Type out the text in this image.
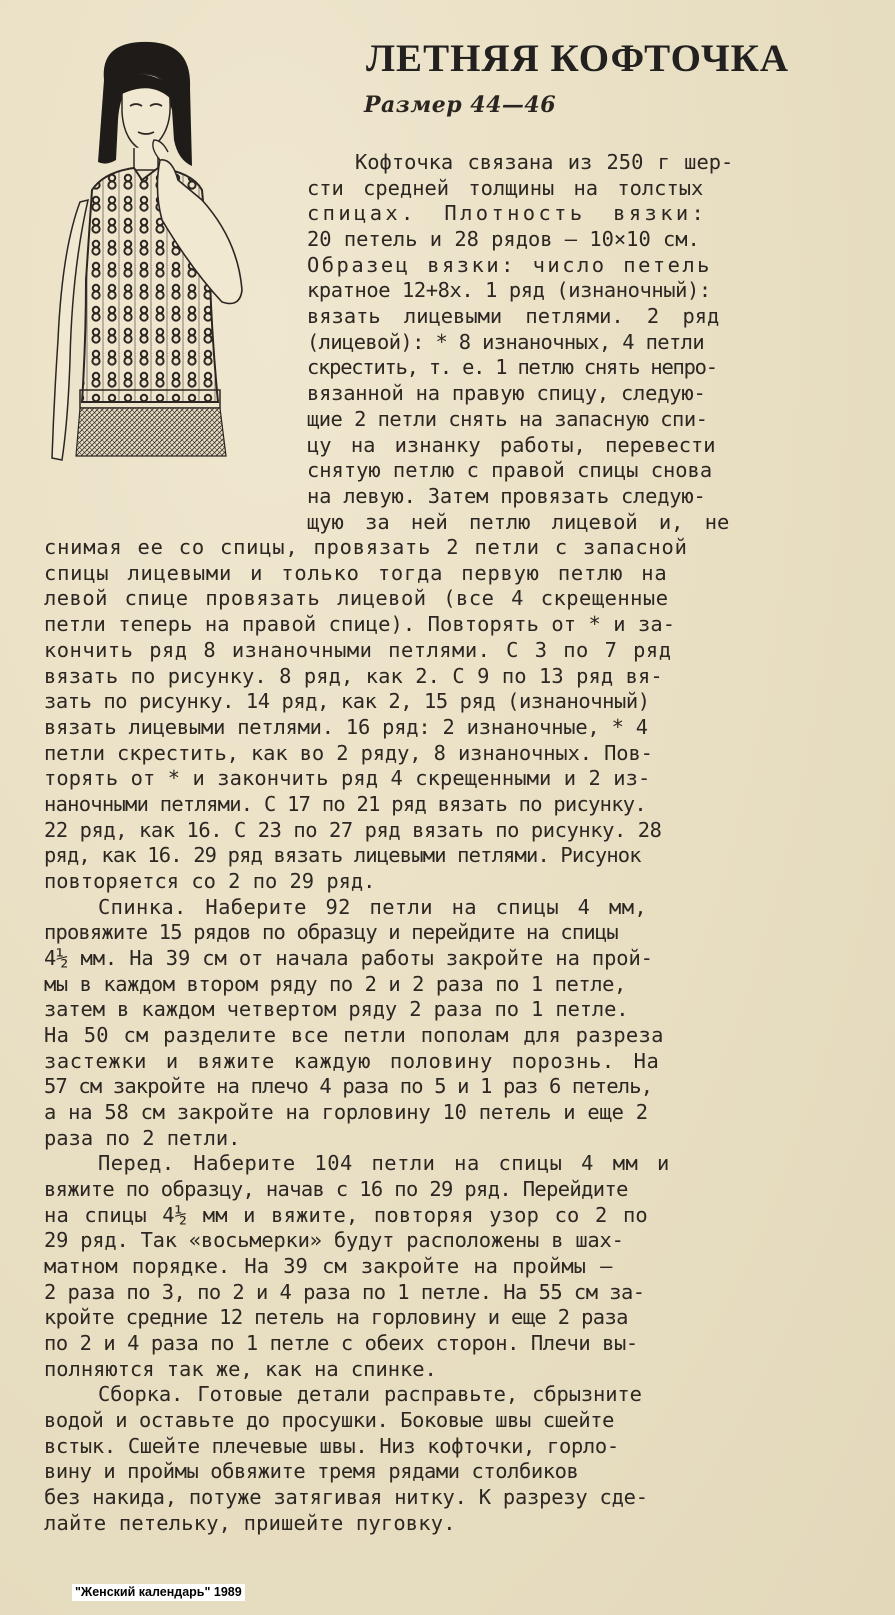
ЛЕТНЯЯ КОФТОЧКА
Размер 44—46
Кофточка связана из 250 г шер-
сти средней толщины на толстых
спицах. Плотность вязки:
20 петель и 28 рядов — 10×10 см.
Образец вязки: число петель
кратное 12+8х. 1 ряд (изнаночный):
вязать лицевыми петлями. 2 ряд
(лицевой): * 8 изнаночных, 4 петли
скрестить, т. е. 1 петлю снять непро-
вязанной на правую спицу, следую-
щие 2 петли снять на запасную спи-
цу на изнанку работы, перевести
снятую петлю с правой спицы снова
на левую. Затем провязать следую-
щую за ней петлю лицевой и, не
снимая ее со спицы, провязать 2 петли с запасной
спицы лицевыми и только тогда первую петлю на
левой спице провязать лицевой (все 4 скрещенные
петли теперь на правой спице). Повторять от * и за-
кончить ряд 8 изнаночными петлями. С 3 по 7 ряд
вязать по рисунку. 8 ряд, как 2. С 9 по 13 ряд вя-
зать по рисунку. 14 ряд, как 2, 15 ряд (изнаночный)
вязать лицевыми петлями. 16 ряд: 2 изнаночные, * 4
петли скрестить, как во 2 ряду, 8 изнаночных. Пов-
торять от * и закончить ряд 4 скрещенными и 2 из-
наночными петлями. С 17 по 21 ряд вязать по рисунку.
22 ряд, как 16. С 23 по 27 ряд вязать по рисунку. 28
ряд, как 16. 29 ряд вязать лицевыми петлями. Рисунок
повторяется со 2 по 29 ряд.
Спинка. Наберите 92 петли на спицы 4 мм,
провяжите 15 рядов по образцу и перейдите на спицы
4½ мм. На 39 см от начала работы закройте на прой-
мы в каждом втором ряду по 2 и 2 раза по 1 петле,
затем в каждом четвертом ряду 2 раза по 1 петле.
На 50 см разделите все петли пополам для разреза
застежки и вяжите каждую половину порознь. На
57 см закройте на плечо 4 раза по 5 и 1 раз 6 петель,
а на 58 см закройте на горловину 10 петель и еще 2
раза по 2 петли.
Перед. Наберите 104 петли на спицы 4 мм и
вяжите по образцу, начав с 16 по 29 ряд. Перейдите
на спицы 4½ мм и вяжите, повторяя узор со 2 по
29 ряд. Так «восьмерки» будут расположены в шах-
матном порядке. На 39 см закройте на проймы —
2 раза по 3, по 2 и 4 раза по 1 петле. На 55 см за-
кройте средние 12 петель на горловину и еще 2 раза
по 2 и 4 раза по 1 петле с обеих сторон. Плечи вы-
полняются так же, как на спинке.
Сборка. Готовые детали расправьте, сбрызните
водой и оставьте до просушки. Боковые швы сшейте
встык. Сшейте плечевые швы. Низ кофточки, горло-
вину и проймы обвяжите тремя рядами столбиков
без накида, потуже затягивая нитку. К разрезу сде-
лайте петельку, пришейте пуговку.
"Женский календарь" 1989
